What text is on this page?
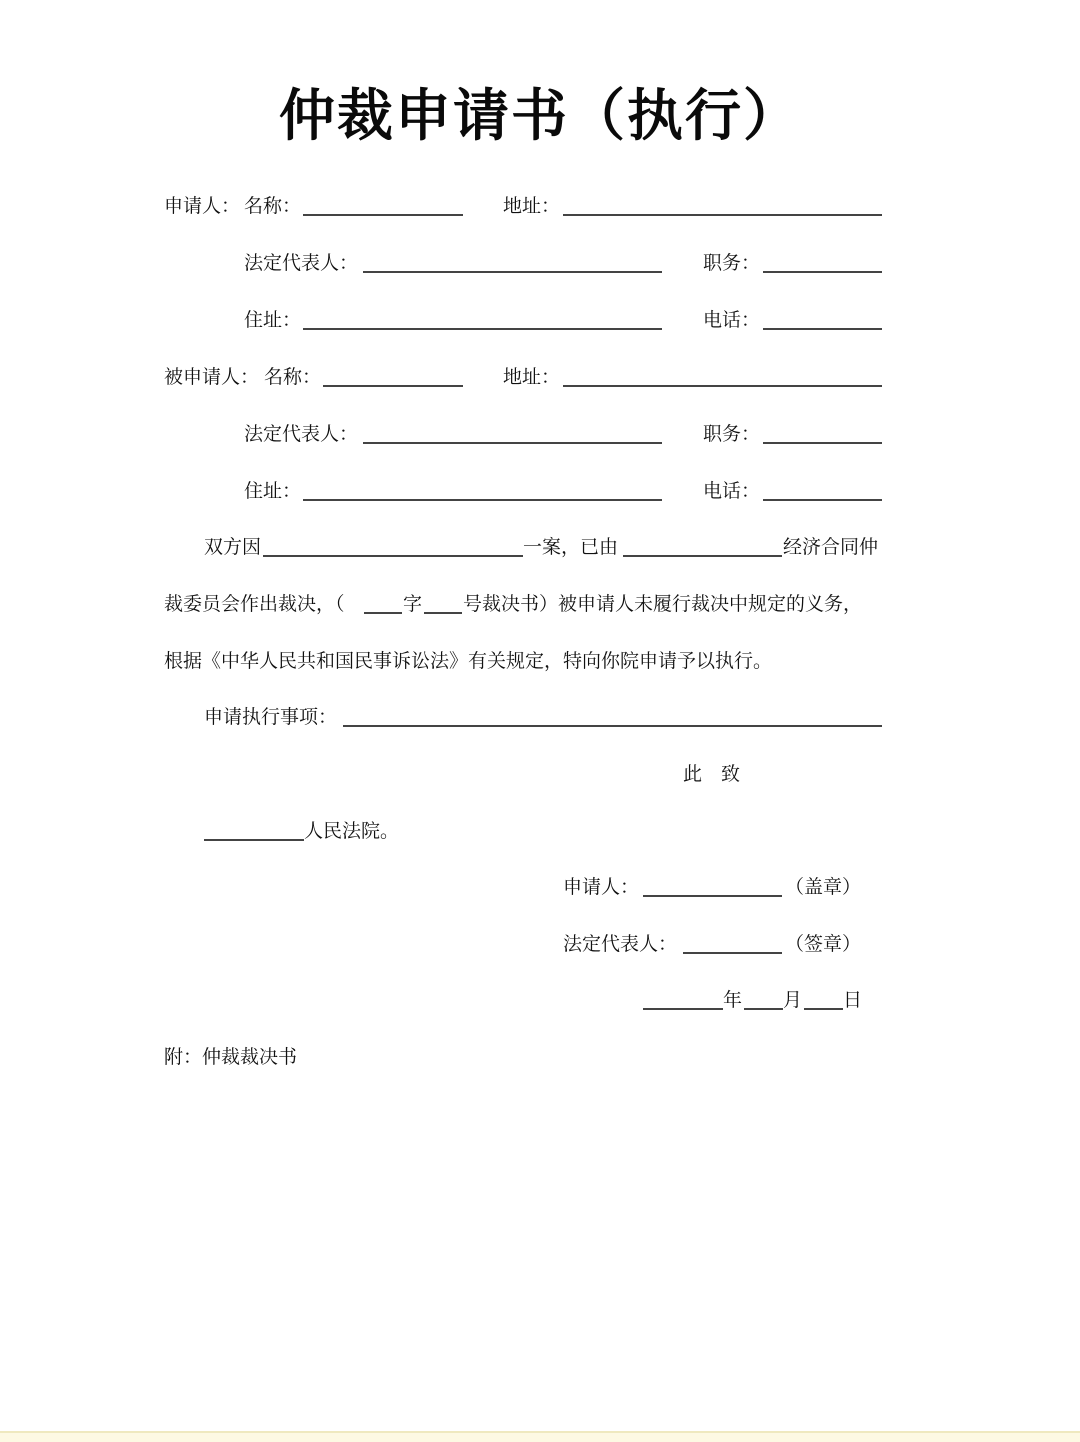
仲裁申请书（执行）
申请人： 名称：	地址：
法定代表人：	职务：
住址：	电话：
被申请人： 名称：	地址：
法定代表人：	职务：
住址：	电话：
双方因	一案，已由	经济合同仲
裁委员会作出裁决，（	字 号裁决书）被申请人未履行裁决中规定的义务，
根据《中华人民共和国民事诉讼法》有关规定，特向你院申请予以执行。
申请执行事项：
此　致
人民法院。
申请人：	（盖章）
法定代表人：	（签章）
年 月 日
附：仲裁裁决书
